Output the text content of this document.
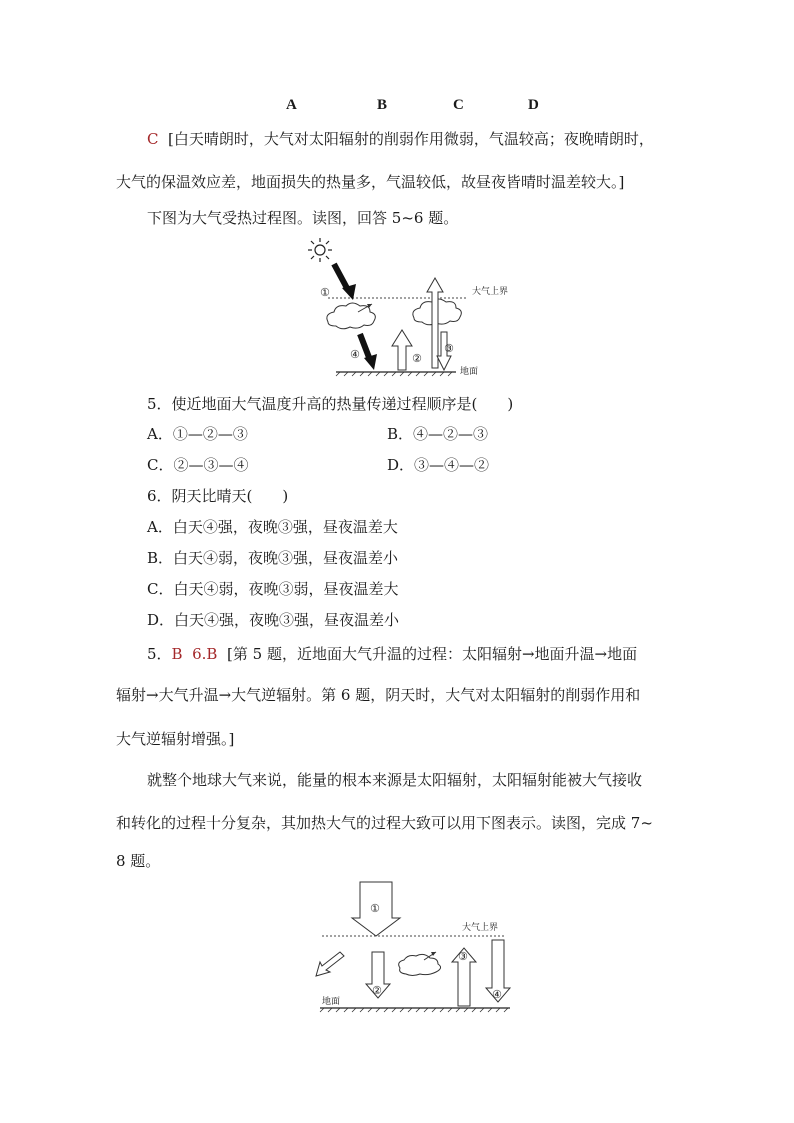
A	B	C	D
C [白天晴朗时，大气对太阳辐射的削弱作用微弱，气温较高；夜晚晴朗时，
大气的保温效应差，地面损失的热量多，气温较低，故昼夜皆晴时温差较大。]
下图为大气受热过程图。读图，回答 5~6 题。
大气上界
①
④	②
③
地面
5．使近地面大气温度升高的热量传递过程顺序是(　　)
A．①—②—③	B．④—②—③
C．②—③—④	D．③—④—②
6．阴天比晴天(　　)
A．白天④强，夜晚③强，昼夜温差大
B．白天④弱，夜晚③强，昼夜温差小
C．白天④弱，夜晚③弱，昼夜温差大
D．白天④强，夜晚③强，昼夜温差小
5．B 6.B [第 5 题，近地面大气升温的过程：太阳辐射→地面升温→地面
辐射→大气升温→大气逆辐射。第 6 题，阴天时，大气对太阳辐射的削弱作用和
大气逆辐射增强。]
就整个地球大气来说，能量的根本来源是太阳辐射，太阳辐射能被大气接收
和转化的过程十分复杂，其加热大气的过程大致可以用下图表示。读图，完成 7~
8 题。
①
大气上界
②
③
④
地面
